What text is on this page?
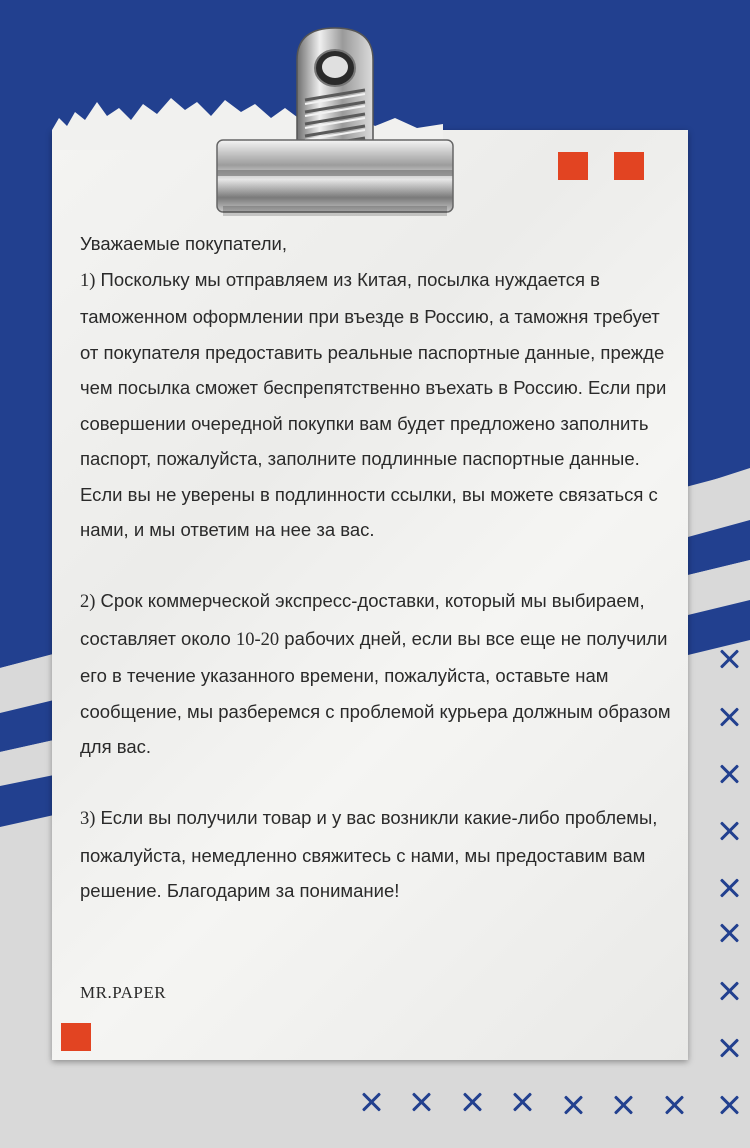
Уважаемые покупатели,

1) Поскольку мы отправляем из Китая, посылка нуждается в таможенном оформлении при въезде в Россию, а таможня требует от покупателя предоставить реальные паспортные данные, прежде чем посылка сможет беспрепятственно въехать в Россию. Если при совершении очередной покупки вам будет предложено заполнить паспорт, пожалуйста, заполните подлинные паспортные данные. Если вы не уверены в подлинности ссылки, вы можете связаться с нами, и мы ответим на нее за вас.

2) Срок коммерческой экспресс-доставки, который мы выбираем, составляет около 10-20 рабочих дней, если вы все еще не получили его в течение указанного времени, пожалуйста, оставьте нам сообщение, мы разберемся с проблемой курьера должным образом для вас.

3) Если вы получили товар и у вас возникли какие-либо проблемы, пожалуйста, немедленно свяжитесь с нами, мы предоставим вам решение. Благодарим за понимание!

MR.PAPER
